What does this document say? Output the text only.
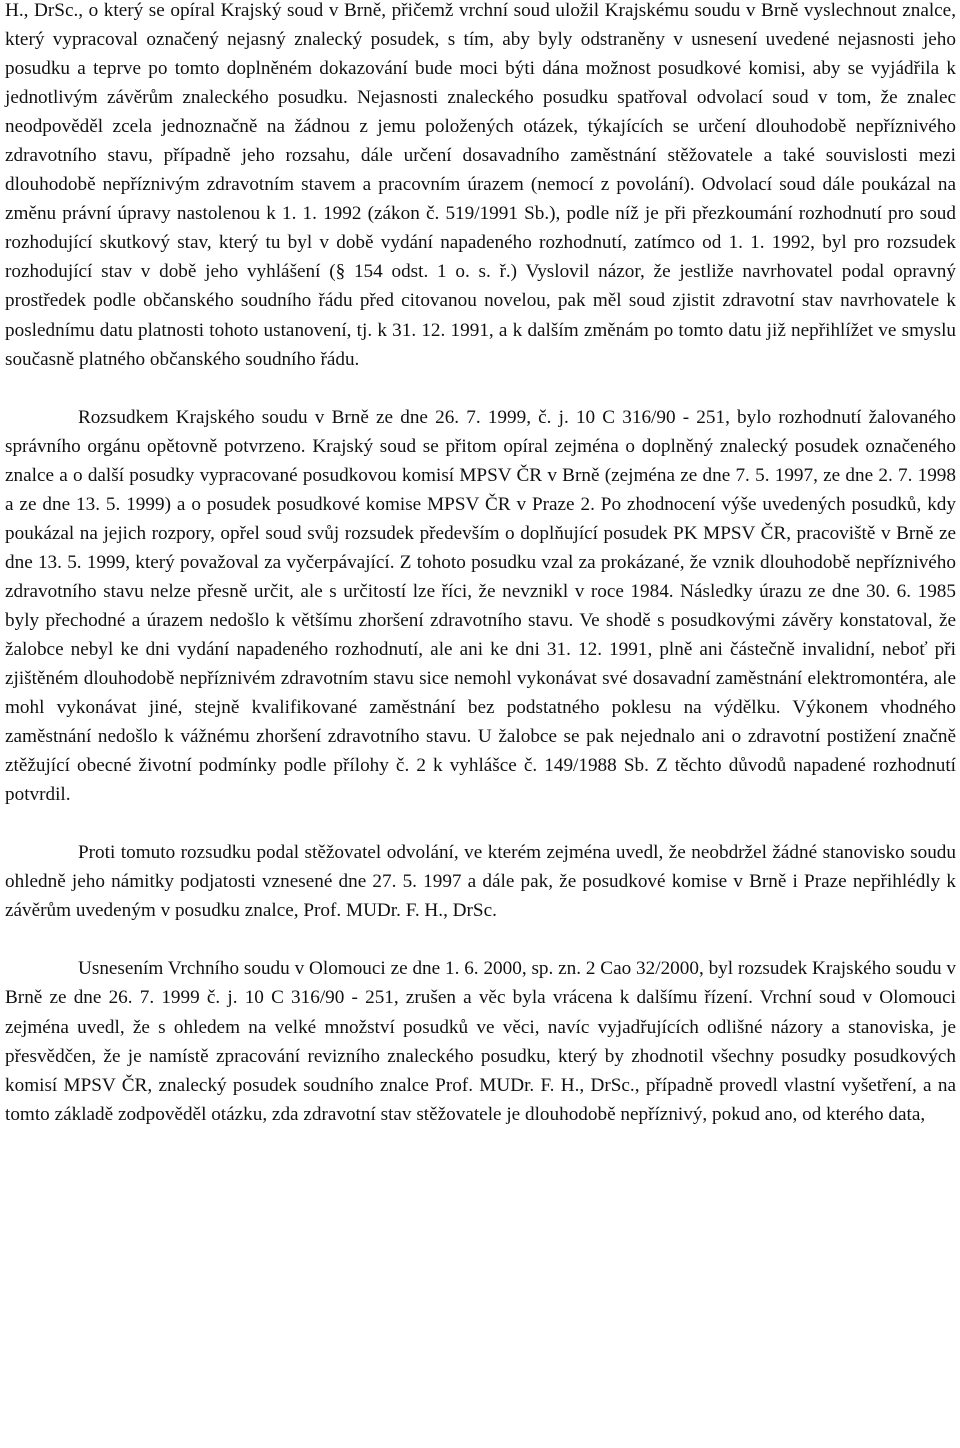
H., DrSc., o který se opíral Krajský soud v Brně, přičemž vrchní soud uložil Krajskému soudu v Brně vyslechnout znalce, který vypracoval označený nejasný znalecký posudek, s tím, aby byly odstraněny v usnesení uvedené nejasnosti jeho posudku a teprve po tomto doplněném dokazování bude moci býti dána možnost posudkové komisi, aby se vyjádřila k jednotlivým závěrům znaleckého posudku. Nejasnosti znaleckého posudku spatřoval odvolací soud v tom, že znalec neodpověděl zcela jednoznačně na žádnou z jemu položených otázek, týkajících se určení dlouhodobě nepříznivého zdravotního stavu, případně jeho rozsahu, dále určení dosavadního zaměstnání stěžovatele a také souvislosti mezi dlouhodobě nepříznivým zdravotním stavem a pracovním úrazem (nemocí z povolání). Odvolací soud dále poukázal na změnu právní úpravy nastolenou k 1. 1. 1992 (zákon č. 519/1991 Sb.), podle níž je při přezkoumání rozhodnutí pro soud rozhodující skutkový stav, který tu byl v době vydání napadeného rozhodnutí, zatímco od 1. 1. 1992, byl pro rozsudek rozhodující stav v době jeho vyhlášení (§ 154 odst. 1 o. s. ř.) Vyslovil názor, že jestliže navrhovatel podal opravný prostředek podle občanského soudního řádu před citovanou novelou, pak měl soud zjistit zdravotní stav navrhovatele k poslednímu datu platnosti tohoto ustanovení, tj. k 31. 12. 1991, a k dalším změnám po tomto datu již nepřihlížet ve smyslu současně platného občanského soudního řádu.

Rozsudkem Krajského soudu v Brně ze dne 26. 7. 1999, č. j. 10 C 316/90 - 251, bylo rozhodnutí žalovaného správního orgánu opětovně potvrzeno. Krajský soud se přitom opíral zejména o doplněný znalecký posudek označeného znalce a o další posudky vypracované posudkovou komisí MPSV ČR v Brně (zejména ze dne 7. 5. 1997, ze dne 2. 7. 1998 a ze dne 13. 5. 1999) a o posudek posudkové komise MPSV ČR v Praze 2. Po zhodnocení výše uvedených posudků, kdy poukázal na jejich rozpory, opřel soud svůj rozsudek především o doplňující posudek PK MPSV ČR, pracoviště v Brně ze dne 13. 5. 1999, který považoval za vyčerpávající. Z tohoto posudku vzal za prokázané, že vznik dlouhodobě nepříznivého zdravotního stavu nelze přesně určit, ale s určitostí lze říci, že nevznikl v roce 1984. Následky úrazu ze dne 30. 6. 1985 byly přechodné a úrazem nedošlo k většímu zhoršení zdravotního stavu. Ve shodě s posudkovými závěry konstatoval, že žalobce nebyl ke dni vydání napadeného rozhodnutí, ale ani ke dni 31. 12. 1991, plně ani částečně invalidní, neboť při zjištěném dlouhodobě nepříznivém zdravotním stavu sice nemohl vykonávat své dosavadní zaměstnání elektromontéra, ale mohl vykonávat jiné, stejně kvalifikované zaměstnání bez podstatného poklesu na výdělku. Výkonem vhodného zaměstnání nedošlo k vážnému zhoršení zdravotního stavu. U žalobce se pak nejednalo ani o zdravotní postižení značně ztěžující obecné životní podmínky podle přílohy č. 2 k vyhlášce č. 149/1988 Sb. Z těchto důvodů napadené rozhodnutí potvrdil.

Proti tomuto rozsudku podal stěžovatel odvolání, ve kterém zejména uvedl, že neobdržel žádné stanovisko soudu ohledně jeho námitky podjatosti vznesené dne 27. 5. 1997 a dále pak, že posudkové komise v Brně i Praze nepřihlédly k závěrům uvedeným v posudku znalce, Prof. MUDr. F. H., DrSc.

Usnesením Vrchního soudu v Olomouci ze dne 1. 6. 2000, sp. zn. 2 Cao 32/2000, byl rozsudek Krajského soudu v Brně ze dne 26. 7. 1999 č. j. 10 C 316/90 - 251, zrušen a věc byla vrácena k dalšímu řízení. Vrchní soud v Olomouci zejména uvedl, že s ohledem na velké množství posudků ve věci, navíc vyjadřujících odlišné názory a stanoviska, je přesvědčen, že je namístě zpracování revizního znaleckého posudku, který by zhodnotil všechny posudky posudkových komisí MPSV ČR, znalecký posudek soudního znalce Prof. MUDr. F. H., DrSc., případně provedl vlastní vyšetření, a na tomto základě zodpověděl otázku, zda zdravotní stav stěžovatele je dlouhodobě nepříznivý, pokud ano, od kterého data,
